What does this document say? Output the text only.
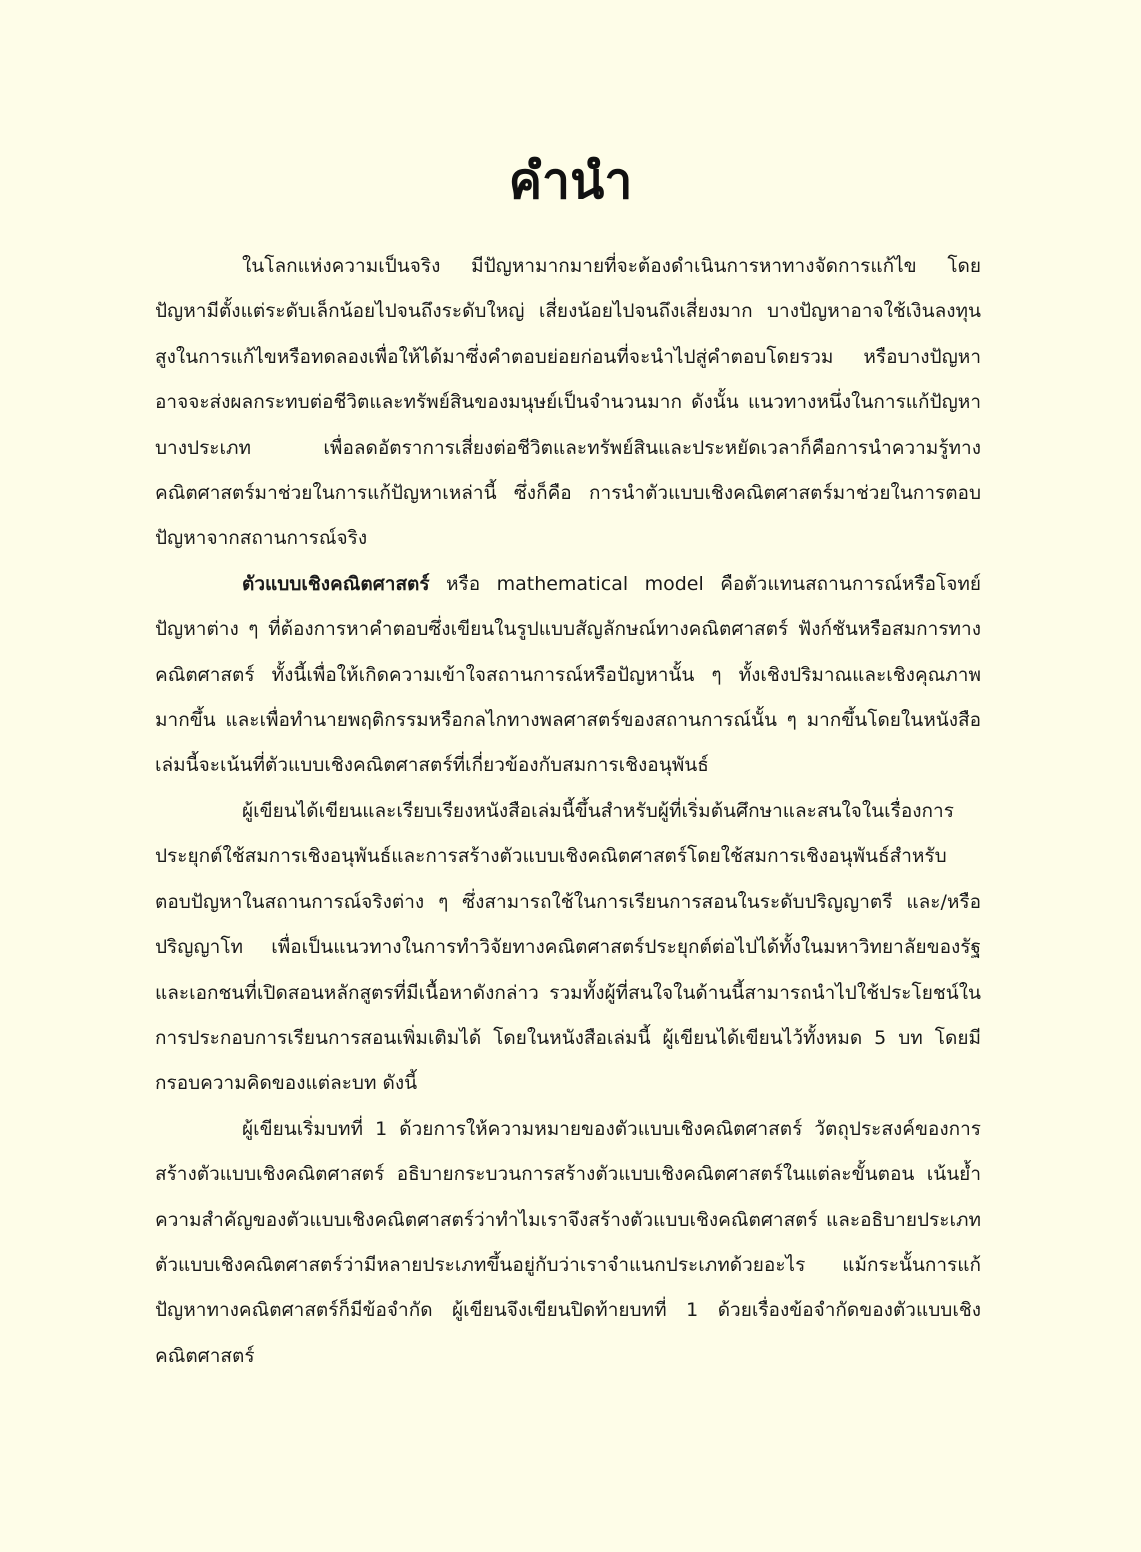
คำนำ

ในโลกแห่งความเป็นจริง มีปัญหามากมายที่จะต้องดำเนินการหาทางจัดการแก้ไข โดยปัญหามีตั้งแต่ระดับเล็กน้อยไปจนถึงระดับใหญ่ เสี่ยงน้อยไปจนถึงเสี่ยงมาก บางปัญหาอาจใช้เงินลงทุนสูงในการแก้ไขหรือทดลองเพื่อให้ได้มาซึ่งคำตอบย่อยก่อนที่จะนำไปสู่คำตอบโดยรวม หรือบางปัญหาอาจจะส่งผลกระทบต่อชีวิตและทรัพย์สินของมนุษย์เป็นจำนวนมาก ดังนั้น แนวทางหนึ่งในการแก้ปัญหาบางประเภท เพื่อลดอัตราการเสี่ยงต่อชีวิตและทรัพย์สินและประหยัดเวลาก็คือการนำความรู้ทางคณิตศาสตร์มาช่วยในการแก้ปัญหาเหล่านี้ ซึ่งก็คือ การนำตัวแบบเชิงคณิตศาสตร์มาช่วยในการตอบปัญหาจากสถานการณ์จริง

ตัวแบบเชิงคณิตศาสตร์ หรือ mathematical model คือตัวแทนสถานการณ์หรือโจทย์ปัญหาต่าง ๆ ที่ต้องการหาคำตอบซึ่งเขียนในรูปแบบสัญลักษณ์ทางคณิตศาสตร์ ฟังก์ชันหรือสมการทางคณิตศาสตร์ ทั้งนี้เพื่อให้เกิดความเข้าใจสถานการณ์หรือปัญหานั้น ๆ ทั้งเชิงปริมาณและเชิงคุณภาพมากขึ้น และเพื่อทำนายพฤติกรรมหรือกลไกทางพลศาสตร์ของสถานการณ์นั้น ๆ มากขึ้นโดยในหนังสือเล่มนี้จะเน้นที่ตัวแบบเชิงคณิตศาสตร์ที่เกี่ยวข้องกับสมการเชิงอนุพันธ์

ผู้เขียนได้เขียนและเรียบเรียงหนังสือเล่มนี้ขึ้นสำหรับผู้ที่เริ่มต้นศึกษาและสนใจในเรื่องการประยุกต์ใช้สมการเชิงอนุพันธ์และการสร้างตัวแบบเชิงคณิตศาสตร์โดยใช้สมการเชิงอนุพันธ์สำหรับตอบปัญหาในสถานการณ์จริงต่าง ๆ ซึ่งสามารถใช้ในการเรียนการสอนในระดับปริญญาตรี และ/หรือปริญญาโท เพื่อเป็นแนวทางในการทำวิจัยทางคณิตศาสตร์ประยุกต์ต่อไปได้ทั้งในมหาวิทยาลัยของรัฐและเอกชนที่เปิดสอนหลักสูตรที่มีเนื้อหาดังกล่าว รวมทั้งผู้ที่สนใจในด้านนี้สามารถนำไปใช้ประโยชน์ในการประกอบการเรียนการสอนเพิ่มเติมได้ โดยในหนังสือเล่มนี้ ผู้เขียนได้เขียนไว้ทั้งหมด 5 บท โดยมีกรอบความคิดของแต่ละบท ดังนี้

ผู้เขียนเริ่มบทที่ 1 ด้วยการให้ความหมายของตัวแบบเชิงคณิตศาสตร์ วัตถุประสงค์ของการสร้างตัวแบบเชิงคณิตศาสตร์ อธิบายกระบวนการสร้างตัวแบบเชิงคณิตศาสตร์ในแต่ละขั้นตอน เน้นย้ำความสำคัญของตัวแบบเชิงคณิตศาสตร์ว่าทำไมเราจึงสร้างตัวแบบเชิงคณิตศาสตร์ และอธิบายประเภทตัวแบบเชิงคณิตศาสตร์ว่ามีหลายประเภทขึ้นอยู่กับว่าเราจำแนกประเภทด้วยอะไร แม้กระนั้นการแก้ปัญหาทางคณิตศาสตร์ก็มีข้อจำกัด ผู้เขียนจึงเขียนปิดท้ายบทที่ 1 ด้วยเรื่องข้อจำกัดของตัวแบบเชิงคณิตศาสตร์
